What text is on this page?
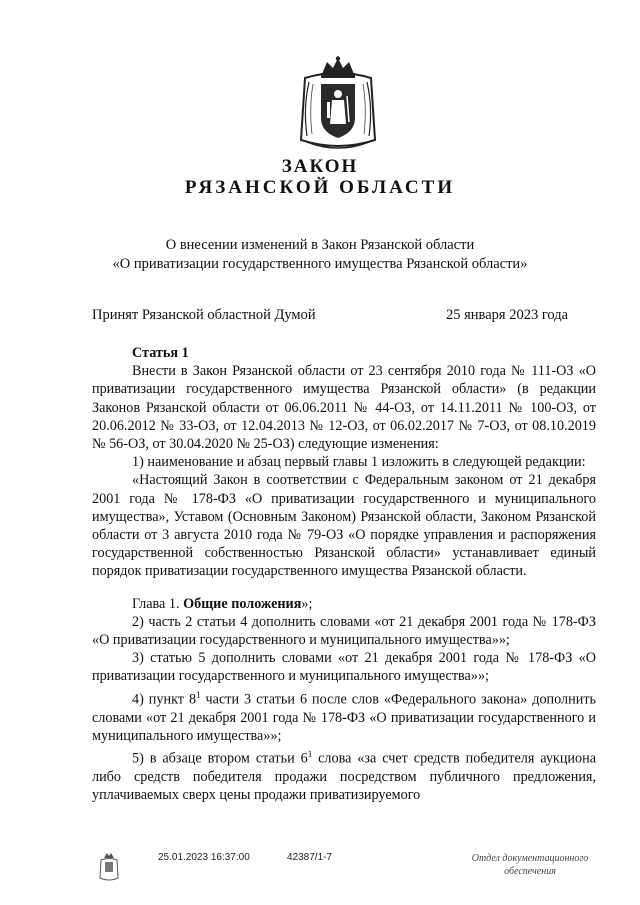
ЗАКОН
РЯЗАНСКОЙ ОБЛАСТИ
О внесении изменений в Закон Рязанской области
«О приватизации государственного имущества Рязанской области»
Принят Рязанской областной Думой	25 января 2023 года

Статья 1

Внести в Закон Рязанской области от 23 сентября 2010 года № 111-ОЗ «О приватизации государственного имущества Рязанской области» (в редакции Законов Рязанской области от 06.06.2011 № 44-ОЗ, от 14.11.2011 № 100-ОЗ, от 20.06.2012 № 33-ОЗ, от 12.04.2013 № 12-ОЗ, от 06.02.2017 № 7-ОЗ, от 08.10.2019 № 56-ОЗ, от 30.04.2020 № 25-ОЗ) следующие изменения:

1) наименование и абзац первый главы 1 изложить в следующей редакции:

«Настоящий Закон в соответствии с Федеральным законом от 21 декабря 2001 года № 178-ФЗ «О приватизации государственного и муниципального имущества», Уставом (Основным Законом) Рязанской области, Законом Рязанской области от 3 августа 2010 года № 79-ОЗ «О порядке управления и распоряжения государственной собственностью Рязанской области» устанавливает единый порядок приватизации государственного имущества Рязанской области.

Глава 1. Общие положения»;

2) часть 2 статьи 4 дополнить словами «от 21 декабря 2001 года № 178-ФЗ «О приватизации государственного и муниципального имущества»»;

3) статью 5 дополнить словами «от 21 декабря 2001 года № 178-ФЗ «О приватизации государственного и муниципального имущества»»;

4) пункт $8^1$ части 3 статьи 6 после слов «Федерального закона» дополнить словами «от 21 декабря 2001 года № 178-ФЗ «О приватизации государственного и муниципального имущества»»;

5) в абзаце втором статьи $6^1$ слова «за счет средств победителя аукциона либо средств победителя продажи посредством публичного предложения, уплачиваемых сверх цены продажи приватизируемого

25.01.2023 16:37:00	42387/1-7	Отдел документационного
обеспечения
